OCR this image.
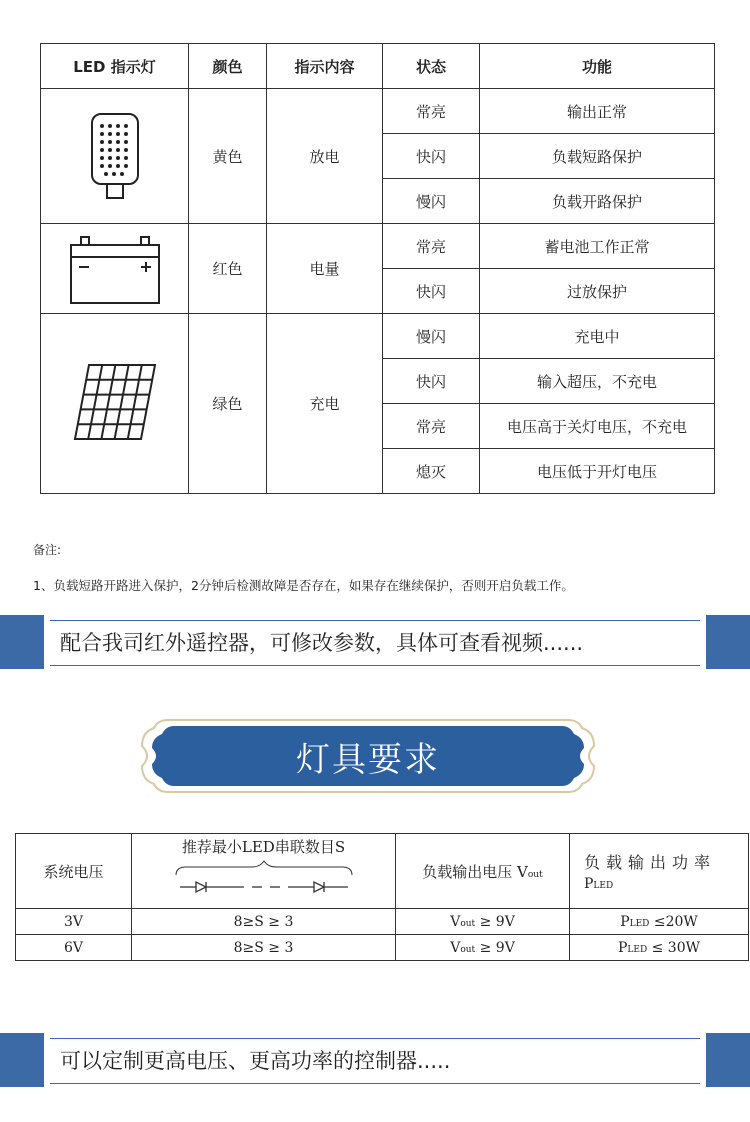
LED 指示灯	颜色	指示内容	状态	功能
	黄色	放电	常亮	输出正常
			快闪	负载短路保护
			慢闪	负载开路保护
	红色	电量	常亮	蓄电池工作正常
			快闪	过放保护
	绿色	充电	慢闪	充电中
			快闪	输入超压，不充电
			常亮	电压高于关灯电压，不充电
			熄灭	电压低于开灯电压
备注:
1、负载短路开路进入保护，2分钟后检测故障是否存在，如果存在继续保护，否则开启负载工作。
配合我司红外遥控器，可修改参数，具体可查看视频......
灯具要求
系统电压	推荐最小LED串联数目S	负载输出电压 Vout	负载输出功率
PLED

3V	8≥S ≥ 3	Vout ≥ 9V	PLED ≤20W
6V	8≥S ≥ 3	Vout ≥ 9V	PLED ≤ 30W
可以定制更高电压、更高功率的控制器.....
